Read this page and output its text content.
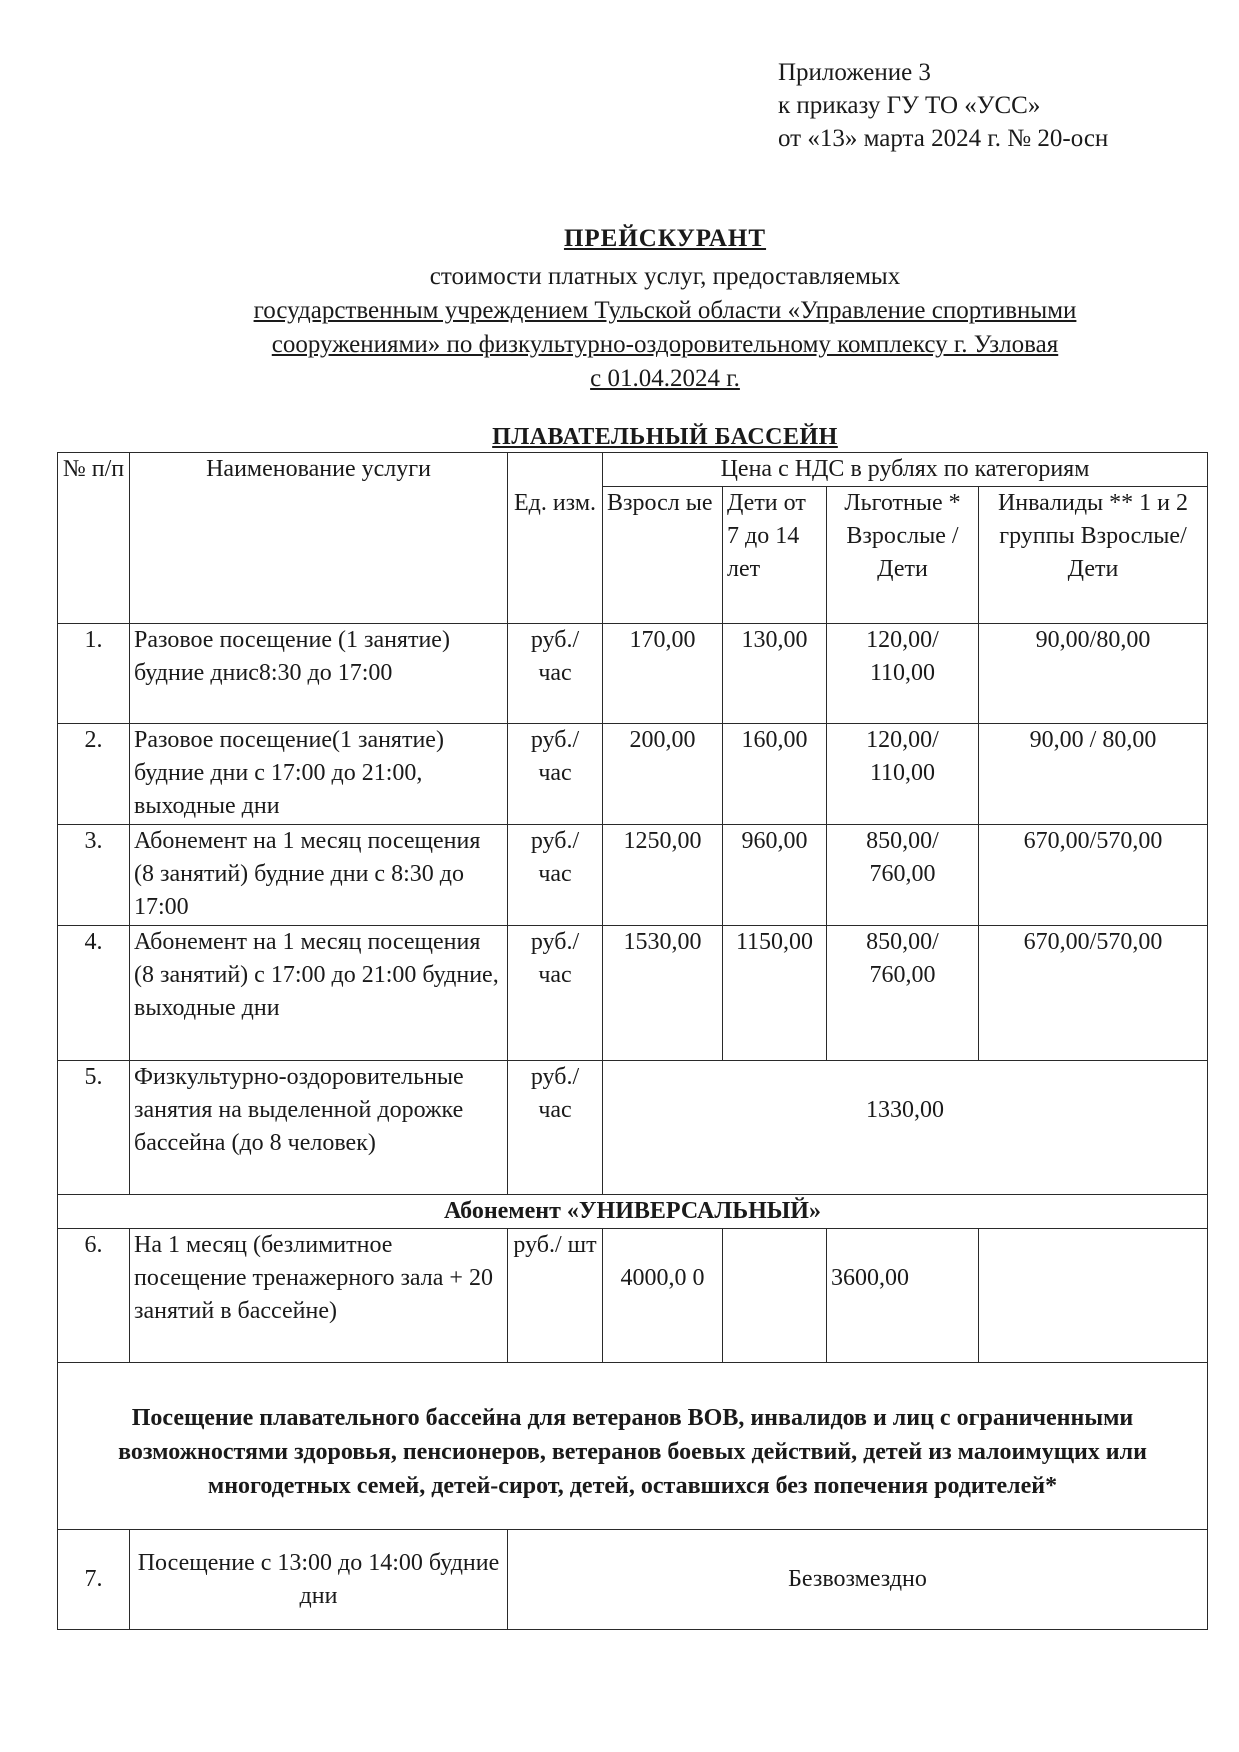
Приложение 3
к приказу ГУ ТО «УСС»
от «13» марта 2024 г. № 20-осн
ПРЕЙСКУРАНТ
стоимости платных услуг, предоставляемых
государственным учреждением Тульской области «Управление спортивными
сооружениями» по физкультурно-оздоровительному комплексу г. Узловая
с 01.04.2024 г.
ПЛАВАТЕЛЬНЫЙ БАССЕЙН
№ п/п	Наименование услуги	Ед. изм.	Цена с НДС в рублях по категориям			
			Взросл ые	Дети от 7 до 14 лет	Льготные * Взрослые /Дети	Инвалиды ** 1 и 2 группы Взрослые/Дети
1.	Разовое посещение (1 занятие) будние днис8:30 до 17:00	руб./ час	170,00	130,00	120,00/ 110,00	90,00/80,00
2.	Разовое посещение(1 занятие) будние дни с 17:00 до 21:00, выходные дни	руб./ час	200,00	160,00	120,00/ 110,00	90,00 / 80,00
3.	Абонемент на 1 месяц посещения (8 занятий) будние дни с 8:30 до 17:00	руб./ час	1250,00	960,00	850,00/ 760,00	670,00/570,00
4.	Абонемент на 1 месяц посещения (8 занятий) с 17:00 до 21:00 будние, выходные дни	руб./ час	1530,00	1150,00	850,00/ 760,00	670,00/570,00
5.	Физкультурно-оздоровительные занятия на выделенной дорожке бассейна (до 8 человек)	руб./ час	1330,00			
Абонемент «УНИВЕРСАЛЬНЫЙ»						
6.	На 1 месяц (безлимитное посещение тренажерного зала + 20 занятий в бассейне)	руб./ шт	4000,0 0		3600,00	
Посещение плавательного бассейна для ветеранов ВОВ, инвалидов и лиц с ограниченными возможностями здоровья, пенсионеров, ветеранов боевых действий, детей из малоимущих или многодетных семей, детей-сирот, детей, оставшихся без попечения родителей*						
7.	Посещение с 13:00 до 14:00 будние дни	Безвозмездно				
